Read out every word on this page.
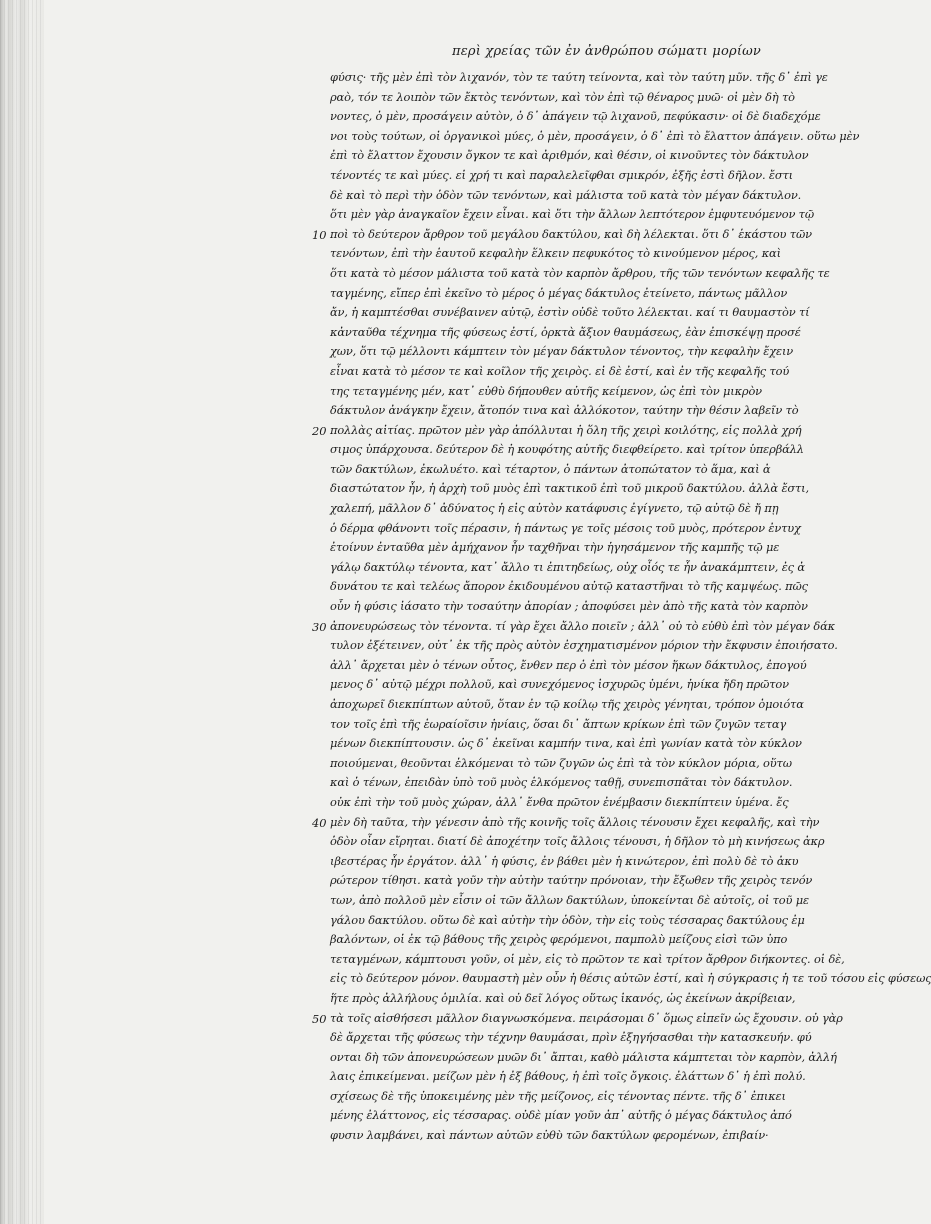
περὶ χρείας τῶν ἐν ἀνθρώπου σώματι μορίων
10
20
30
40
50
φύσις· τῆς μὲν ἐπὶ τὸν λιχανόν, τὸν τε ταύτη τείνοντα, καὶ τὸν ταύτη μῦν. τῆς δ᾽ ἐπὶ γε
ραὸ, τόν τε λοιπὸν τῶν ἔκτὸς τενόντων, καὶ τὸν ἐπὶ τῷ θέναρος μυῶ· οἱ μὲν δὴ τὸ
νοντες, ὁ μὲν, προσάγειν αὐτὸν, ὁ δ᾽ ἀπάγειν τῷ λιχανοῦ, πεφύκασιν· οἱ δὲ διαδεχόμε
νοι τοὺς τούτων, οἱ ὀργανικοὶ μύες, ὁ μὲν, προσάγειν, ὁ δ᾽ ἐπὶ τὸ ἔλαττον ἀπάγειν. οὕτω μὲν
ἐπὶ τὸ ἔλαττον ἔχουσιν ὄγκον τε καὶ ἀριθμόν, καὶ θέσιν, οἱ κινοῦντες τὸν δάκτυλον
τένοντές τε καὶ μύες. εἰ χρή τι καὶ παραλελεῖφθαι σμικρόν, ἐξῆς ἐστὶ δῆλον. ἔστι
δὲ καὶ τὸ περὶ τὴν ὁδὸν τῶν τενόντων, καὶ μάλιστα τοῦ κατὰ τὸν μέγαν δάκτυλον.
ὅτι μὲν γὰρ ἀναγκαῖον ἔχειν εἶναι. καὶ ὅτι τὴν ἄλλων λεπτότερον ἐμφυτευόμενον τῷ
ποὶ τὸ δεύτερον ἄρθρον τοῦ μεγάλου δακτύλου, καὶ δὴ λέλεκται. ὅτι δ᾽ ἑκάστου τῶν
τενόντων, ἐπὶ τὴν ἑαυτοῦ κεφαλὴν ἕλκειν πεφυκότος τὸ κινούμενον μέρος, καὶ
ὅτι κατὰ τὸ μέσον μάλιστα τοῦ κατὰ τὸν καρπὸν ἄρθρου, τῆς τῶν τενόντων κεφαλῆς τε
ταγμένης, εἴπερ ἐπὶ ἐκεῖνο τὸ μέρος ὁ μέγας δάκτυλος ἐτείνετο, πάντως μᾶλλον
ἄν, ἡ καμπτέσθαι συνέβαινεν αὐτῷ, ἐστὶν οὐδὲ τοῦτο λέλεκται. καί τι θαυμαστὸν τί
κἀνταῦθα τέχνημα τῆς φύσεως ἐστί, ὀρκτὰ ἄξιον θαυμάσεως, ἐὰν ἐπισκέψῃ προσέ
χων, ὅτι τῷ μέλλοντι κάμπτειν τὸν μέγαν δάκτυλον τένοντος, τὴν κεφαλὴν ἔχειν
εἶναι κατὰ τὸ μέσον τε καὶ κοῖλον τῆς χειρὸς. εἰ δὲ ἐστί, καὶ ἐν τῆς κεφαλῆς τού
της τεταγμένης μέν, κατ᾽ εὐθὺ δήπουθεν αὐτῆς κείμενον, ὡς ἐπὶ τὸν μικρὸν
δάκτυλον ἀνάγκην ἔχειν, ἄτοπόν τινα καὶ ἀλλόκοτον, ταύτην τὴν θέσιν λαβεῖν τὸ
πολλὰς αἰτίας. πρῶτον μὲν γὰρ ἀπόλλυται ἡ ὅλη τῆς χειρὶ κοιλότης, εἰς πολλὰ χρή
σιμος ὑπάρχουσα. δεύτερον δὲ ἡ κουφότης αὐτῆς διεφθείρετο. καὶ τρίτον ὑπερβάλλ
τῶν δακτύλων, ἐκωλυέτο. καὶ τέταρτον, ὁ πάντων ἀτοπώτατον τὸ ἅμα, καὶ ἀ
διαστώτατον ἦν, ἡ ἀρχὴ τοῦ μυὸς ἐπὶ τακτικοῦ ἐπὶ τοῦ μικροῦ δακτύλου. ἀλλὰ ἔστι,
χαλεπή, μᾶλλον δ᾽ ἀδύνατος ἡ εἰς αὐτὸν κατάφυσις ἐγίγνετο, τῷ αὐτῷ δὲ ἤ πῃ
ὁ δέρμα φθάνοντι τοῖς πέρασιν, ἡ πάντως γε τοῖς μέσοις τοῦ μυὸς, πρότερον ἐντυχ
ἐτοίνυν ἐνταῦθα μὲν ἀμήχανον ἦν ταχθῆναι τὴν ἡγησάμενον τῆς καμπῆς τῷ με
γάλῳ δακτύλῳ τένοντα, κατ᾽ ἄλλο τι ἐπιτηδείως, οὐχ οἷός τε ἦν ἀνακάμπτειν, ἐς ἀ
δυνάτου τε καὶ τελέως ἄπορον ἐκιδουμένου αὐτῷ καταστῆναι τὸ τῆς καμψέως. πῶς
οὖν ἡ φύσις ἰάσατο τὴν τοσαύτην ἀπορίαν ; ἀποφύσει μὲν ἀπὸ τῆς κατὰ τὸν καρπὸν
ἀπονευρώσεως τὸν τένοντα. τί γὰρ ἔχει ἄλλο ποιεῖν ; ἀλλ᾽ οὐ τὸ εὐθὺ ἐπὶ τὸν μέγαν δάκ
τυλον ἐξέτεινεν, οὐτ᾽ ἐκ τῆς πρὸς αὐτὸν ἐσχηματισμένον μόριον τὴν ἔκφυσιν ἐποιήσατο.
ἀλλ᾽ ἄρχεται μὲν ὁ τένων οὗτος, ἔνθεν περ ὁ ἐπὶ τὸν μέσον ἥκων δάκτυλος, ἐπογού
μενος δ᾽ αὐτῷ μέχρι πολλοῦ, καὶ συνεχόμενος ἰσχυρῶς ὑμένι, ἡνίκα ἤδη πρῶτον
ἀποχωρεῖ διεκπίπτων αὐτοῦ, ὅταν ἐν τῷ κοίλῳ τῆς χειρὸς γένηται, τρόπον ὁμοιότα
τον τοῖς ἐπὶ τῆς ἑωραίοῖσιν ἡνίαις, ὅσαι δι᾽ ἄπτων κρίκων ἐπὶ τῶν ζυγῶν τεταγ
μένων διεκπίπτουσιν. ὡς δ᾽ ἐκεῖναι καμπήν τινα, καὶ ἐπὶ γωνίαν κατὰ τὸν κύκλον
ποιούμεναι, θεοῦνται ἑλκόμεναι τὸ τῶν ζυγῶν ὡς ἐπὶ τὰ τὸν κύκλον μόρια, οὕτω
καὶ ὁ τένων, ἐπειδὰν ὑπὸ τοῦ μυὸς ἑλκόμενος ταθῇ, συνεπισπᾶται τὸν δάκτυλον.
οὐκ ἐπὶ τὴν τοῦ μυὸς χώραν, ἀλλ᾽ ἔνθα πρῶτον ἐνέμβασιν διεκπίπτειν ὑμένα. ἔς
μὲν δὴ ταῦτα, τὴν γένεσιν ἀπὸ τῆς κοινῆς τοῖς ἄλλοις τένουσιν ἔχει κεφαλῆς, καὶ τὴν
ὁδὸν οἷαν εἴρηται. διατί δὲ ἀποχέτην τοῖς ἄλλοις τένουσι, ἡ δῆλον τὸ μὴ κινήσεως ἀκρ
ιβεστέρας ἦν ἐργάτον. ἀλλ᾽ ἡ φύσις, ἐν βάθει μὲν ἡ κινώτερον, ἐπὶ πολὺ δὲ τὸ ἀκυ
ρώτερον τίθησι. κατὰ γοῦν τὴν αὐτὴν ταύτην πρόνοιαν, τὴν ἔξωθεν τῆς χειρὸς τενόν
των, ἀπὸ πολλοῦ μὲν εἶσιν οἱ τῶν ἄλλων δακτύλων, ὑποκείνται δὲ αὐτοῖς, οἱ τοῦ με
γάλου δακτύλου. οὕτω δὲ καὶ αὐτὴν τὴν ὁδὸν, τὴν εἰς τοὺς τέσσαρας δακτύλους ἐμ
βαλόντων, οἱ ἐκ τῷ βάθους τῆς χειρὸς φερόμενοι, παμπολὺ μείζους εἰσὶ τῶν ὑπο
τεταγμένων, κάμπτουσι γοῦν, οἱ μὲν, εἰς τὸ πρῶτον τε καὶ τρίτον ἄρθρον διήκοντες. οἱ δὲ,
εἰς τὸ δεύτερον μόνον. θαυμαστὴ μὲν οὖν ἡ θέσις αὐτῶν ἐστί, καὶ ἡ σύγκρασις ἡ τε τοῦ τόσου εἰς φύσεως
ἥτε πρὸς ἀλλήλους ὁμιλία. καὶ οὐ δεῖ λόγος οὕτως ἱκανός, ὡς ἐκείνων ἀκρίβειαν,
τὰ τοῖς αἰσθήσεσι μᾶλλον διαγνωσκόμενα. πειράσομαι δ᾽ ὅμως εἰπεῖν ὡς ἔχουσιν. οὐ γὰρ
δὲ ἄρχεται τῆς φύσεως τὴν τέχνην θαυμάσαι, πρὶν ἐξηγήσασθαι τὴν κατασκευήν. φύ
ονται δὴ τῶν ἀπονευρώσεων μυῶν δι᾽ ἄπται, καθὸ μάλιστα κάμπτεται τὸν καρπὸν, ἀλλή
λαις ἐπικείμεναι. μείζων μὲν ἡ ἐξ βάθους, ἡ ἐπὶ τοῖς ὄγκοις. ἐλάττων δ᾽ ἡ ἐπὶ πολύ.
σχίσεως δὲ τῆς ὑποκειμένης μὲν τῆς μείζονος, εἰς τένοντας πέντε. τῆς δ᾽ ἐπικει
μένης ἐλάττονος, εἰς τέσσαρας. οὐδὲ μίαν γοῦν ἀπ᾽ αὐτῆς ὁ μέγας δάκτυλος ἀπό
φυσιν λαμβάνει, καὶ πάντων αὐτῶν εὐθὺ τῶν δακτύλων φερομένων, ἐπιβαίν·
